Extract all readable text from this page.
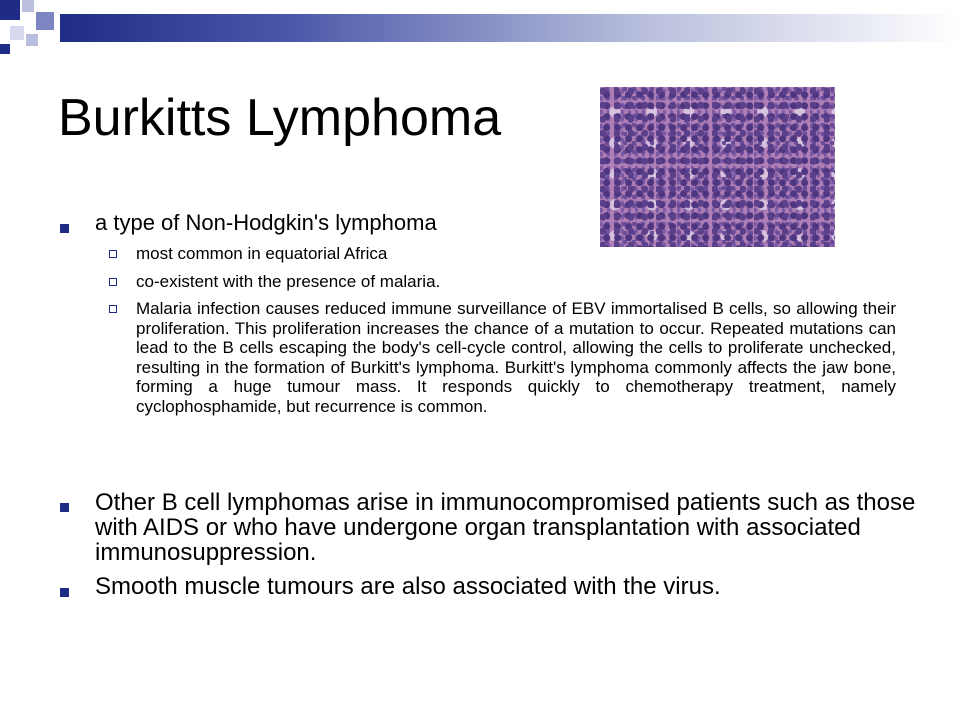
Burkitts Lymphoma
a type of Non-Hodgkin's lymphoma
most common in equatorial Africa
co-existent with the presence of malaria.
Malaria infection causes reduced immune surveillance of EBV immortalised B cells, so allowing their proliferation. This proliferation increases the chance of a mutation to occur. Repeated mutations can lead to the B cells escaping the body's cell-cycle control, allowing the cells to proliferate unchecked, resulting in the formation of Burkitt's lymphoma. Burkitt's lymphoma commonly affects the jaw bone, forming a huge tumour mass. It responds quickly to chemotherapy treatment, namely cyclophosphamide, but recurrence is common.
Other B cell lymphomas arise in immunocompromised patients such as those with AIDS or who have undergone organ transplantation with associated immunosuppression.
Smooth muscle tumours are also associated with the virus.
